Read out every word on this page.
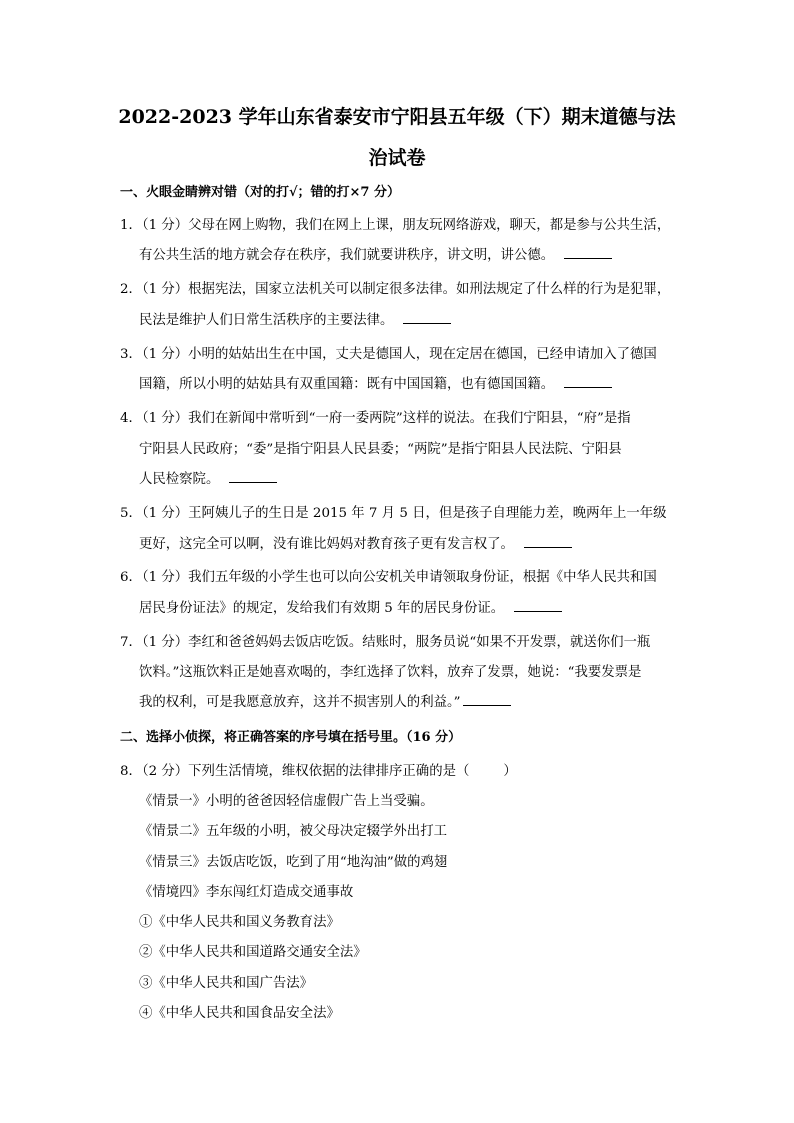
2022-2023 学年山东省泰安市宁阳县五年级（下）期末道德与法
治试卷
一、火眼金睛辨对错（对的打√；错的打×7 分）
1．（1 分）父母在网上购物，我们在网上上课，朋友玩网络游戏，聊天，都是参与公共生活，
有公共生活的地方就会存在秩序，我们就要讲秩序，讲文明，讲公德。
2．（1 分）根据宪法，国家立法机关可以制定很多法律。如刑法规定了什么样的行为是犯罪，
民法是维护人们日常生活秩序的主要法律。
3．（1 分）小明的姑姑出生在中国，丈夫是德国人，现在定居在德国，已经申请加入了德国
国籍，所以小明的姑姑具有双重国籍：既有中国国籍，也有德国国籍。
4．（1 分）我们在新闻中常听到“一府一委两院”这样的说法。在我们宁阳县，“府”是指
宁阳县人民政府；“委”是指宁阳县人民县委；“两院”是指宁阳县人民法院、宁阳县
人民检察院。
5．（1 分）王阿姨儿子的生日是 2015 年 7 月 5 日，但是孩子自理能力差，晚两年上一年级
更好，这完全可以啊，没有谁比妈妈对教育孩子更有发言权了。
6．（1 分）我们五年级的小学生也可以向公安机关申请领取身份证，根据《中华人民共和国
居民身份证法》的规定，发给我们有效期 5 年的居民身份证。
7．（1 分）李红和爸爸妈妈去饭店吃饭。结账时，服务员说“如果不开发票，就送你们一瓶
饮料。”这瓶饮料正是她喜欢喝的，李红选择了饮料，放弃了发票，她说：“我要发票是
我的权利，可是我愿意放弃，这并不损害别人的利益。”
二、选择小侦探，将正确答案的序号填在括号里。（16 分）
8．（2 分）下列生活情境，维权依据的法律排序正确的是（	）
《情景一》小明的爸爸因轻信虚假广告上当受骗。
《情景二》五年级的小明，被父母决定辍学外出打工
《情景三》去饭店吃饭，吃到了用“地沟油”做的鸡翅
《情境四》李东闯红灯造成交通事故
①《中华人民共和国义务教育法》
②《中华人民共和国道路交通安全法》
③《中华人民共和国广告法》
④《中华人民共和国食品安全法》
